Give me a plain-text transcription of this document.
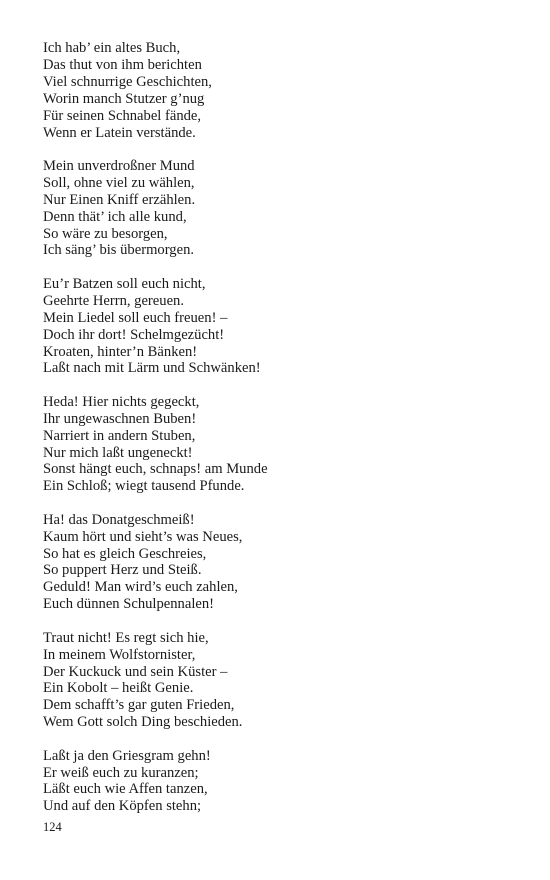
Ich hab’ ein altes Buch,
Das thut von ihm berichten
Viel schnurrige Geschichten,
Worin manch Stutzer g’nug
Für seinen Schnabel fände,
Wenn er Latein verstände.
Mein unverdroßner Mund
Soll, ohne viel zu wählen,
Nur Einen Kniff erzählen.
Denn thät’ ich alle kund,
So wäre zu besorgen,
Ich säng’ bis übermorgen.
Eu’r Batzen soll euch nicht,
Geehrte Herrn, gereuen.
Mein Liedel soll euch freuen! –
Doch ihr dort! Schelmgezücht!
Kroaten, hinter’n Bänken!
Laßt nach mit Lärm und Schwänken!
Heda! Hier nichts gegeckt,
Ihr ungewaschnen Buben!
Narriert in andern Stuben,
Nur mich laßt ungeneckt!
Sonst hängt euch, schnaps! am Munde
Ein Schloß; wiegt tausend Pfunde.
Ha! das Donatgeschmeiß!
Kaum hört und sieht’s was Neues,
So hat es gleich Geschreies,
So puppert Herz und Steiß.
Geduld! Man wird’s euch zahlen,
Euch dünnen Schulpennalen!
Traut nicht! Es regt sich hie,
In meinem Wolfstornister,
Der Kuckuck und sein Küster –
Ein Kobolt – heißt Genie.
Dem schafft’s gar guten Frieden,
Wem Gott solch Ding beschieden.
Laßt ja den Griesgram gehn!
Er weiß euch zu kuranzen;
Läßt euch wie Affen tanzen,
Und auf den Köpfen stehn;
124
